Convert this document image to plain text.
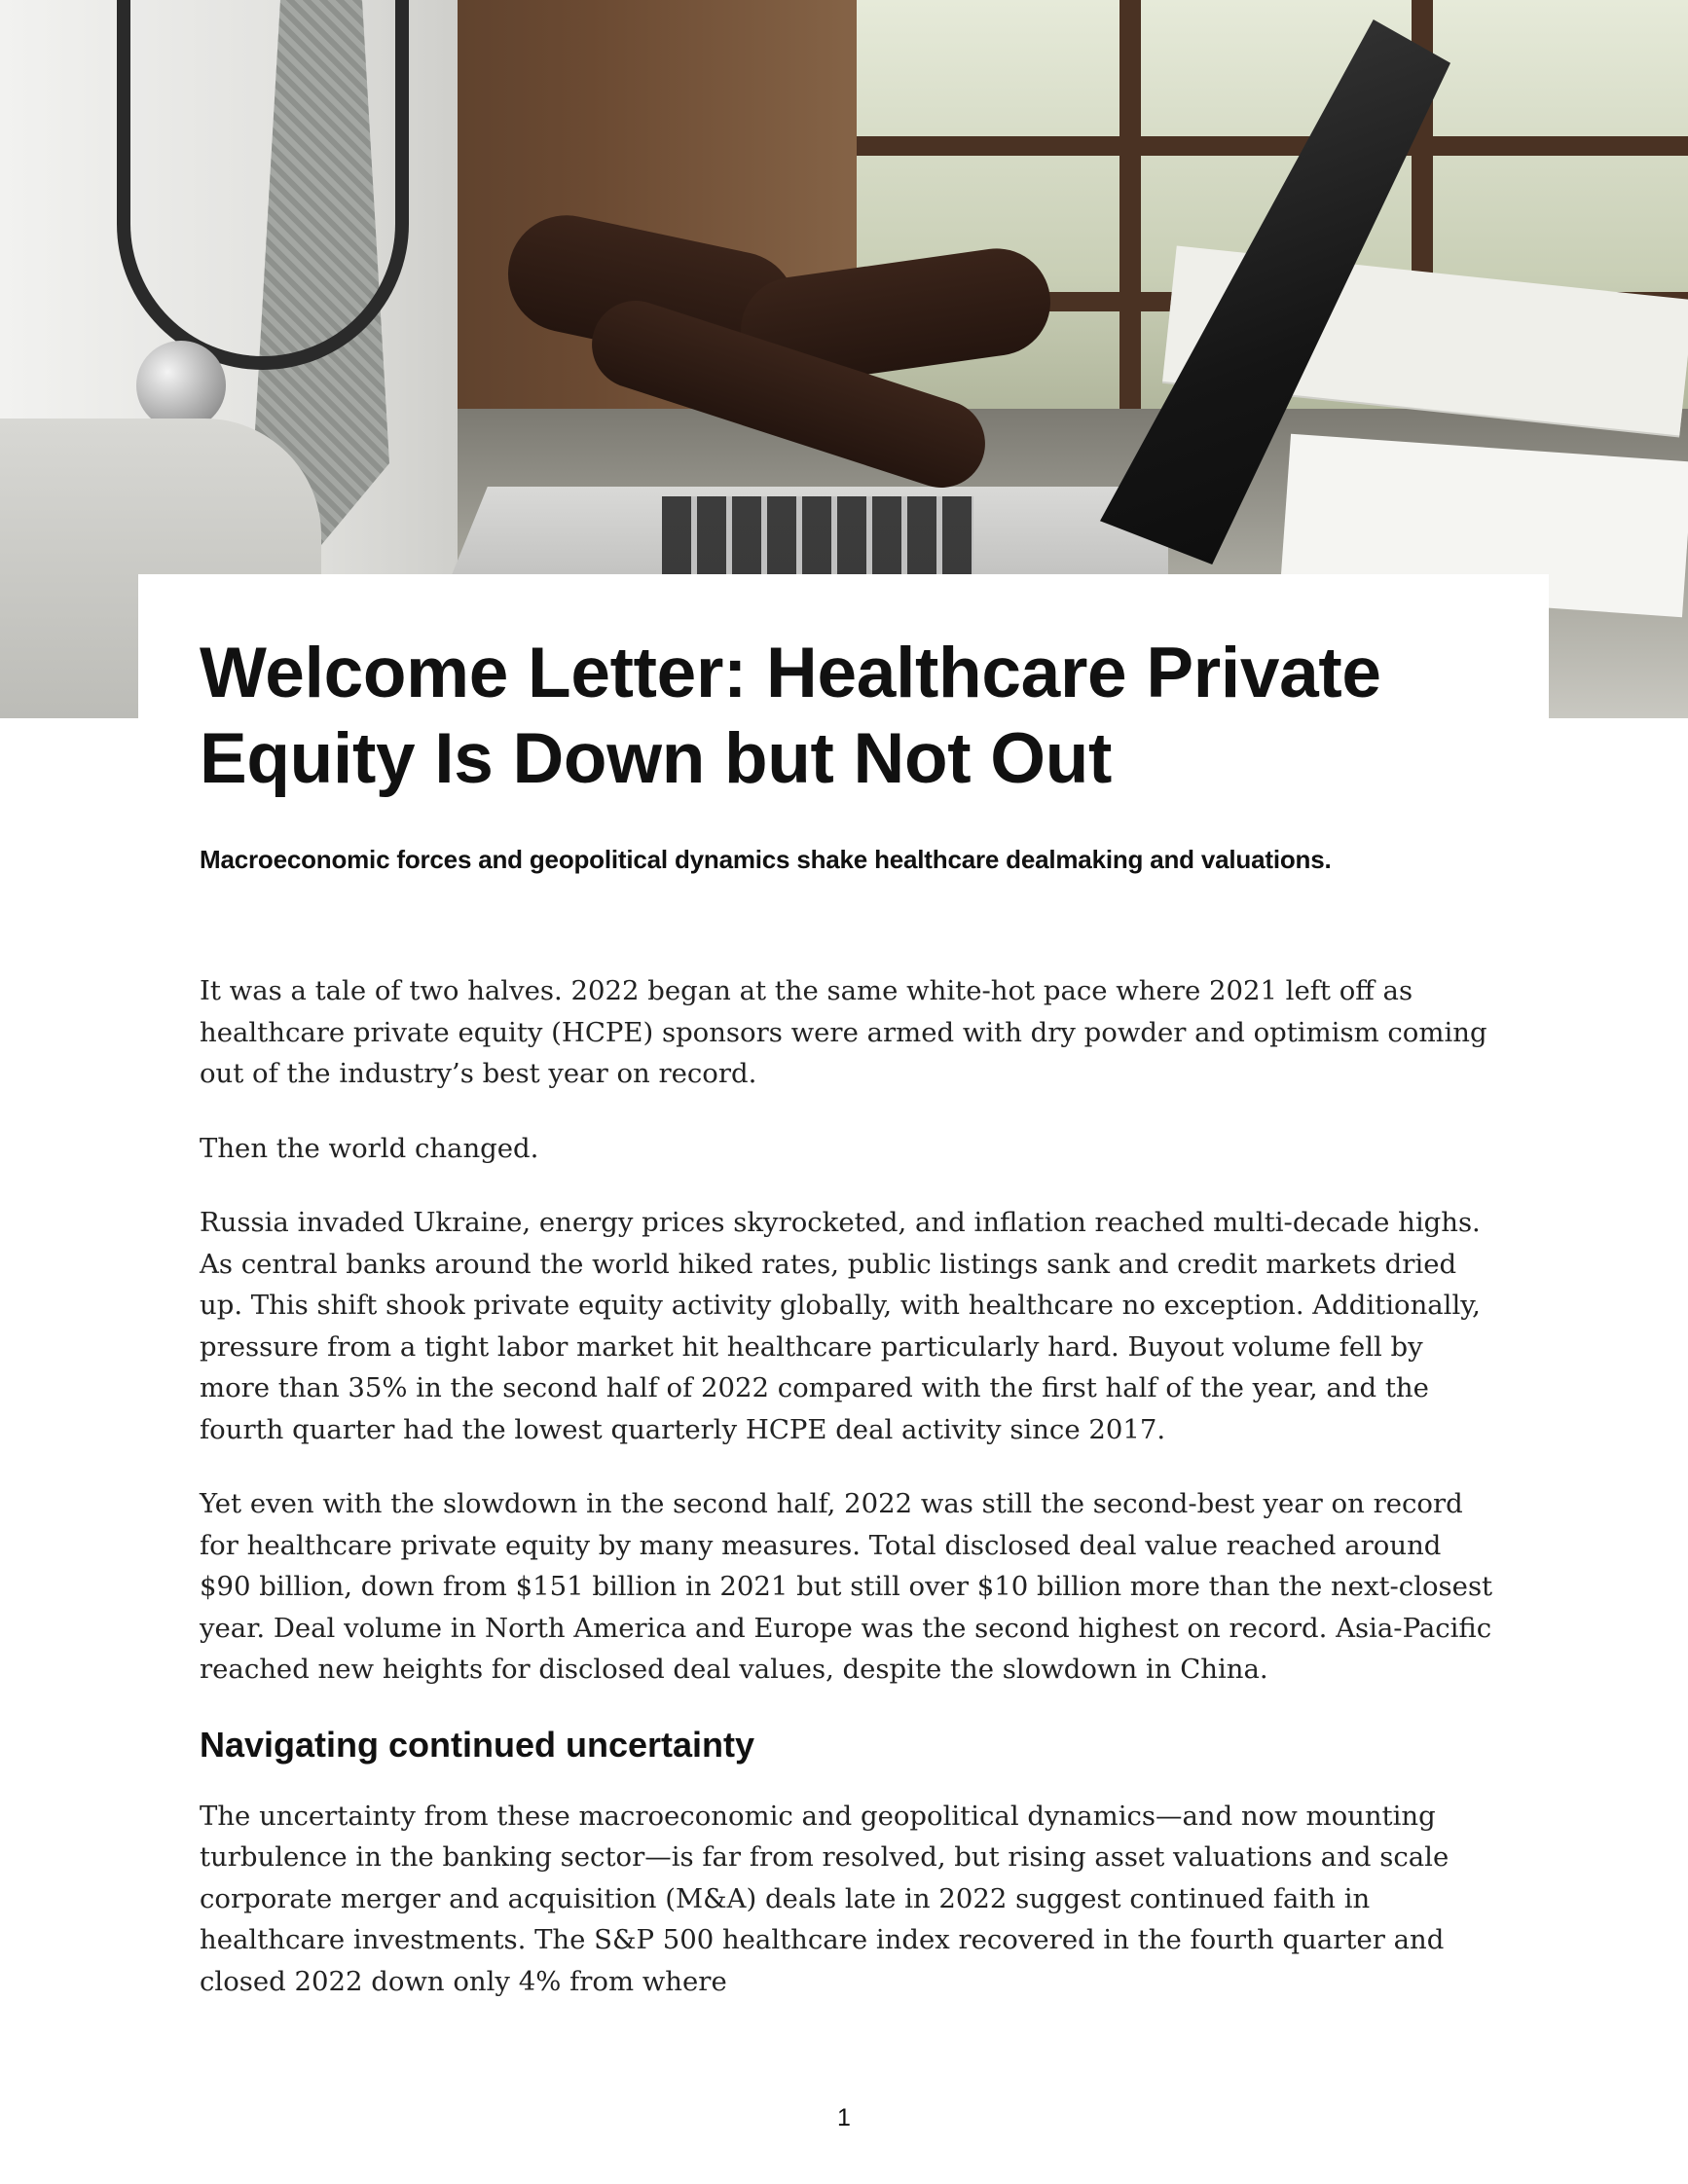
Welcome Letter: Healthcare Private Equity Is Down but Not Out
Macroeconomic forces and geopolitical dynamics shake healthcare dealmaking and valuations.

It was a tale of two halves. 2022 began at the same white-hot pace where 2021 left off as healthcare private equity (HCPE) sponsors were armed with dry powder and optimism coming out of the industry’s best year on record.

Then the world changed.

Russia invaded Ukraine, energy prices skyrocketed, and inflation reached multi-decade highs. As central banks around the world hiked rates, public listings sank and credit markets dried up. This shift shook private equity activity globally, with healthcare no exception. Additionally, pressure from a tight labor market hit healthcare particularly hard. Buyout volume fell by more than 35% in the second half of 2022 compared with the first half of the year, and the fourth quarter had the lowest quarterly HCPE deal activity since 2017.

Yet even with the slowdown in the second half, 2022 was still the second-best year on record for healthcare private equity by many measures. Total disclosed deal value reached around $90 billion, down from $151 billion in 2021 but still over $10 billion more than the next-closest year. Deal volume in North America and Europe was the second highest on record. Asia-Pacific reached new heights for disclosed deal values, despite the slowdown in China.

Navigating continued uncertainty

The uncertainty from these macroeconomic and geopolitical dynamics—and now mounting turbulence in the banking sector—is far from resolved, but rising asset valuations and scale corporate merger and acquisition (M&A) deals late in 2022 suggest continued faith in healthcare investments. The S&P 500 healthcare index recovered in the fourth quarter and closed 2022 down only 4% from where

1
